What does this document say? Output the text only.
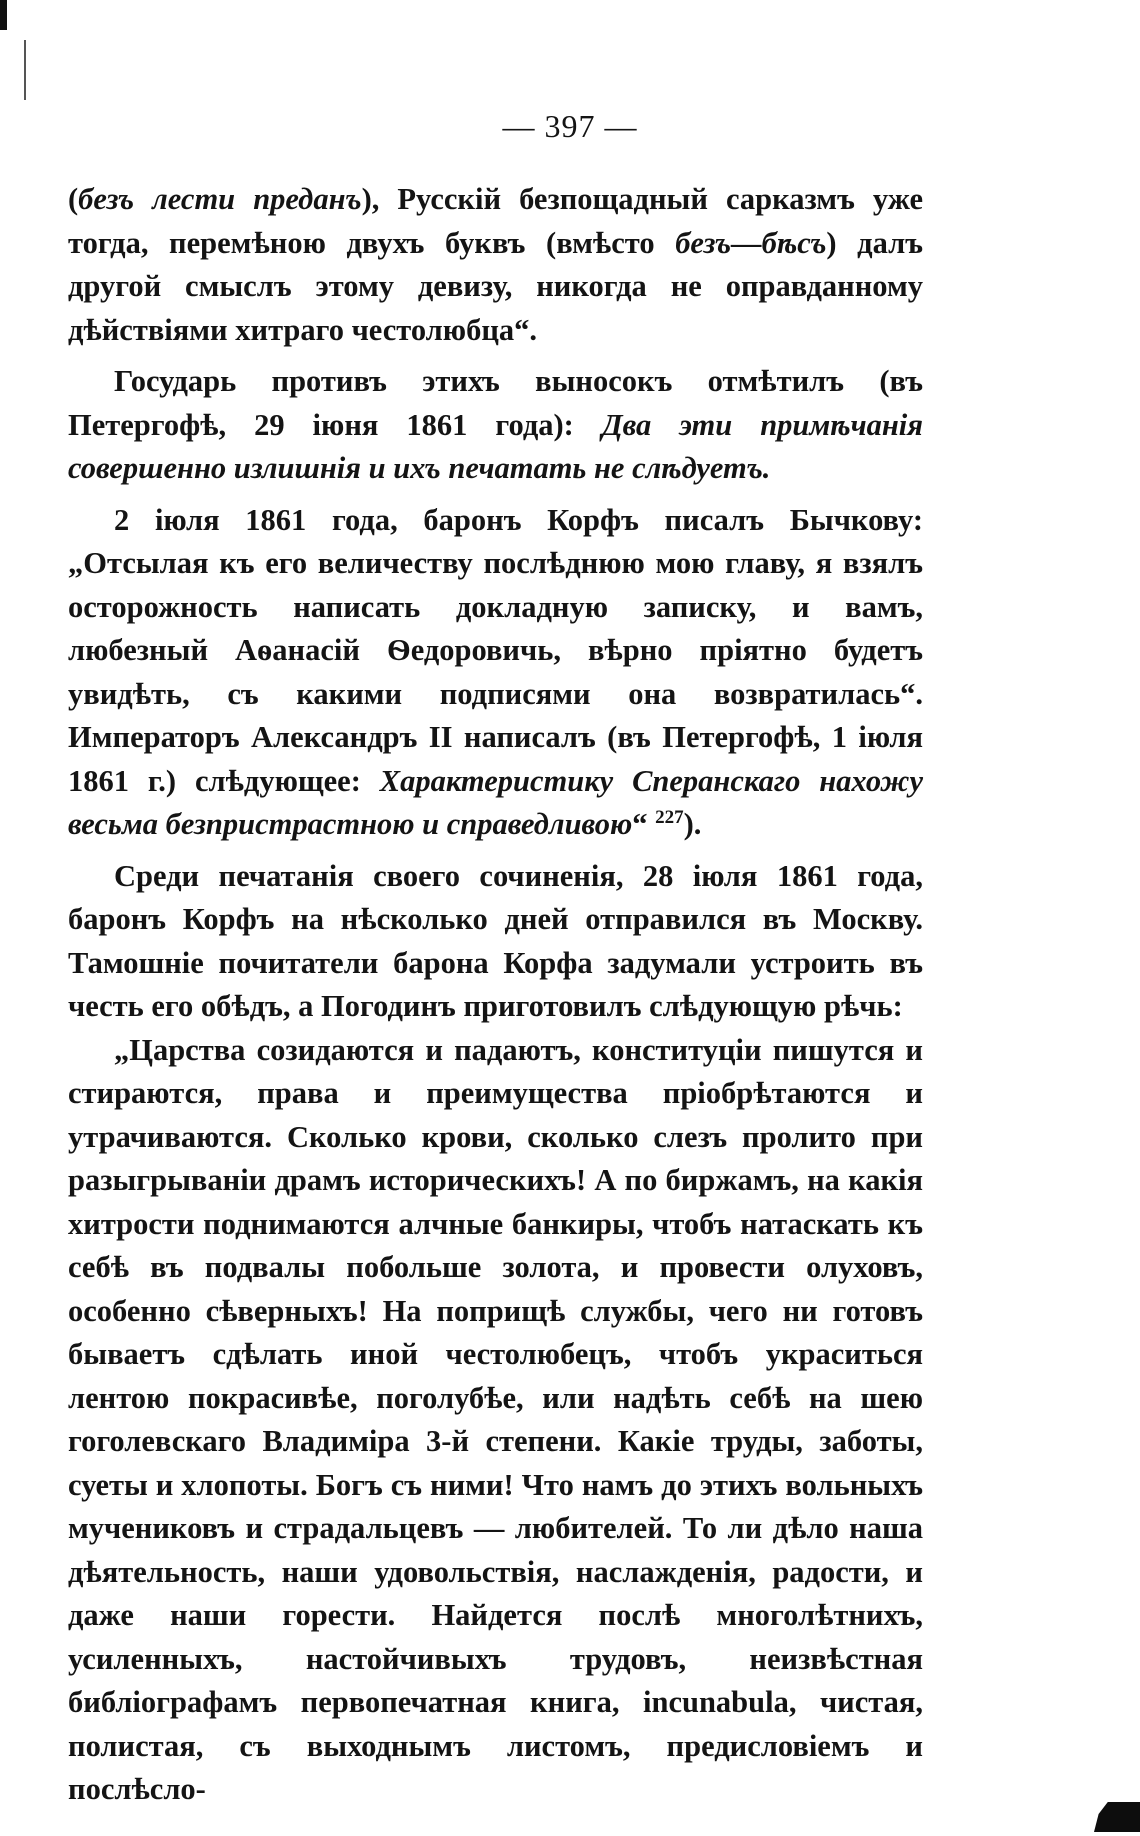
— 397 —

(безъ лести преданъ), Русскій безпощадный сарказмъ уже тогда, перемѣною двухъ буквъ (вмѣсто безъ—бѣсъ) далъ другой смыслъ этому девизу, никогда не оправданному дѣйствіями хитраго честолюбца“.

Государь противъ этихъ выносокъ отмѣтилъ (въ Петергофѣ, 29 іюня 1861 года): Два эти примѣчанія совершенно излишнія и ихъ печатать не слѣдуетъ.

2 іюля 1861 года, баронъ Корфъ писалъ Бычкову: „Отсылая къ его величеству послѣднюю мою главу, я взялъ осторожность написать докладную записку, и вамъ, любезный Аѳанасій Ѳедоровичь, вѣрно пріятно будетъ увидѣть, съ какими подписями она возвратилась“. Императоръ Александръ II написалъ (въ Петергофѣ, 1 іюля 1861 г.) слѣдующее: Характеристику Сперанскаго нахожу весьма безпристрастною и справедливою“ $^{227}$).

Среди печатанія своего сочиненія, 28 іюля 1861 года, баронъ Корфъ на нѣсколько дней отправился въ Москву. Тамошніе почитатели барона Корфа задумали устроить въ честь его обѣдъ, а Погодинъ приготовилъ слѣдующую рѣчь:

„Царства созидаются и падаютъ, конституціи пишутся и стираются, права и преимущества пріобрѣтаются и утрачиваются. Сколько крови, сколько слезъ пролито при разыгрываніи драмъ историческихъ! А по биржамъ, на какія хитрости поднимаются алчные банкиры, чтобъ натаскать къ себѣ въ подвалы побольше золота, и провести олуховъ, особенно сѣверныхъ! На поприщѣ службы, чего ни готовъ бываетъ сдѣлать иной честолюбецъ, чтобъ украситься лентою покрасивѣе, поголубѣе, или надѣть себѣ на шею гоголевскаго Владиміра 3-й степени. Какіе труды, заботы, суеты и хлопоты. Богъ съ ними! Что намъ до этихъ вольныхъ мучениковъ и страдальцевъ — любителей. То ли дѣло наша дѣятельность, наши удовольствія, наслажденія, радости, и даже наши горести. Найдется послѣ многолѣтнихъ, усиленныхъ, настойчивыхъ трудовъ, неизвѣстная библіографамъ первопечатная книга, incunabula, чистая, полистая, съ выходнымъ листомъ, предисловіемъ и послѣсло-
